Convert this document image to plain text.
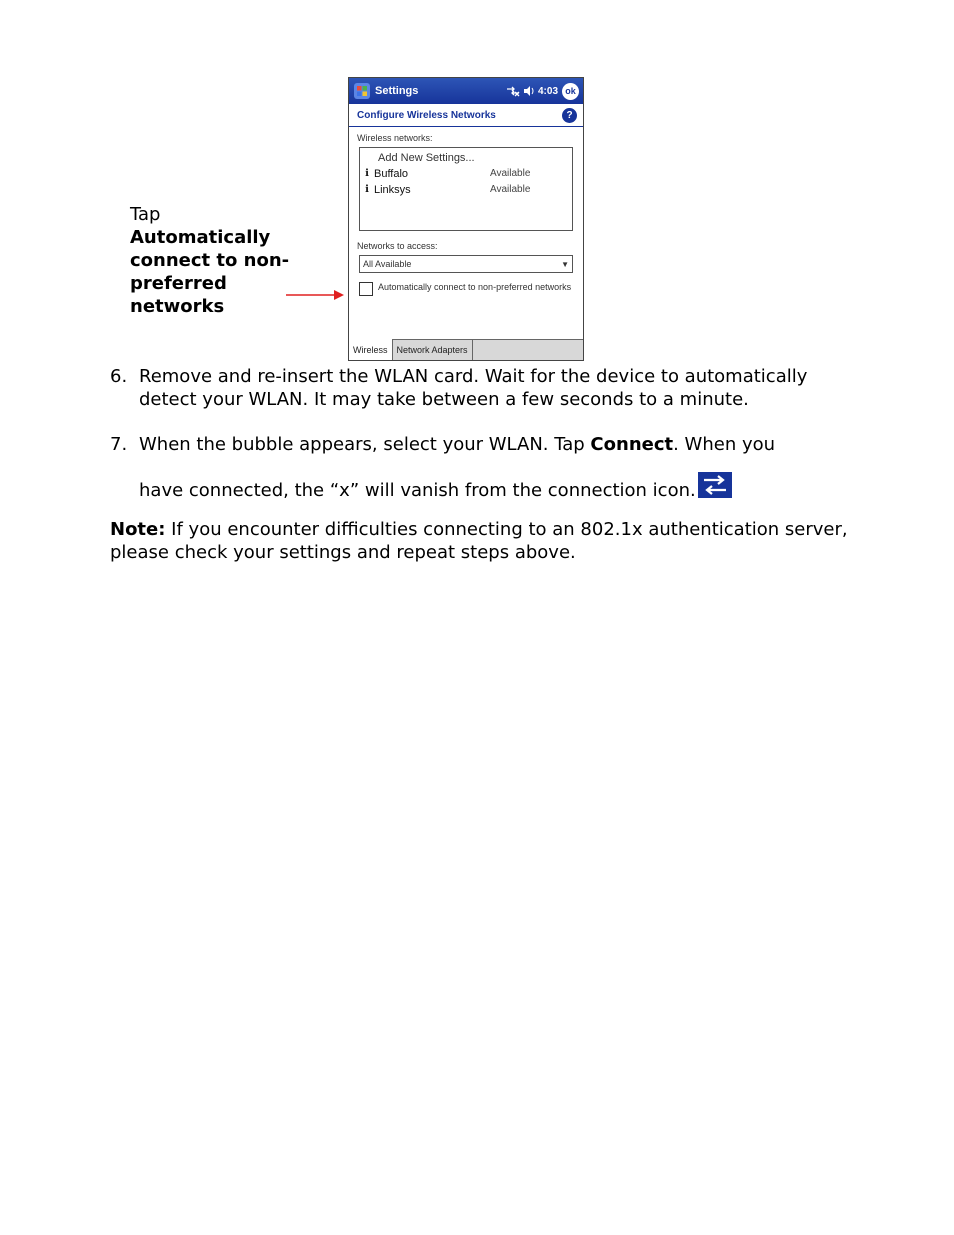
Tap
Automatically connect to non-preferred networks
Settings	4:03 ok
Configure Wireless Networks	?
Wireless networks:
Add New Settings...
ℹ Buffalo	Available
ℹ Linksys	Available
Networks to access:
All Available	▼
Automatically connect to non-preferred networks
Wireless	Network Adapters
6. Remove and re-insert the WLAN card. Wait for the device to automatically detect your WLAN. It may take between a few seconds to a minute.
7. When the bubble appears, select your WLAN. Tap Connect. When you
have connected, the “x” will vanish from the connection icon.
Note: If you encounter difficulties connecting to an 802.1x authentication server, please check your settings and repeat steps above.
